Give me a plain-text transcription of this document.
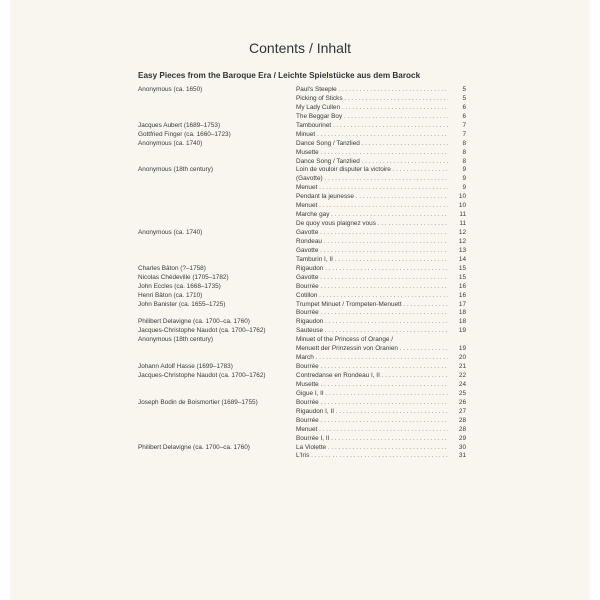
Contents / Inhalt
Easy Pieces from the Baroque Era / Leichte Spielstücke aus dem Barock
Anonymous (ca. 1650)	Paul's Steeple . . .	5
Picking of Sticks . . .	5
My Lady Cullen . . .	6
The Beggar Boy . . .	6
Jacques Aubert (1689–1753)	Tambourinet . . .	7
Gottfried Finger (ca. 1660–1723)	Minuet . . .	7
Anonymous (ca. 1740)	Dance Song / Tanzlied . . .	8
Musette . . .	8
Dance Song / Tanzlied . . .	8
Anonymous (18th century)	Loin de vouloir disputer la victoire . . .	9
(Gavotte) . . .	9
Menuet . . .	9
Pendant la jeunesse . . .	10
Menuet . . .	10
Marche gay . . .	11
De quoy vous plaignez vous . . .	11
Anonymous (ca. 1740)	Gavotte . . .	12
Rondeau . . .	12
Gavotte . . .	13
Tamburin I, II . . .	14
Charles Bâton (?–1758)	Rigaudon . . .	15
Nicolas Chédeville (1705–1782)	Gavotte . . .	15
John Eccles (ca. 1668–1735)	Bourrée . . .	16
Henri Bâton (ca. 1710)	Cotillon . . .	16
John Banister (ca. 1655–1725)	Trumpet Minuet / Trompeten-Menuett . . .	17
Bourrée . . .	18
Philibert Delavigne (ca. 1700–ca. 1760)	Rigaudon . . .	18
Jacques-Christophe Naudot (ca. 1700–1762)	Sauteuse . . .	19
Anonymous (18th century)	Minuet of the Princess of Orange /
Menuett der Prinzessin von Oranien . . .	19
March . . .	20
Johann Adolf Hasse (1699–1783)	Bourrée . . .	21
Jacques-Christophe Naudot (ca. 1700–1762)	Contredanse en Rondeau I, II . . .	22
Musette . . .	24
Gigue I, II . . .	25
Joseph Bodin de Boismortier (1689–1755)	Bourrée . . .	26
Rigaudon I, II . . .	27
Bourrée . . .	28
Menuet . . .	28
Bourrée I, II . . .	29
Philibert Delavigne (ca. 1700–ca. 1760)	La Violette . . .	30
L'Iris . . .	31
